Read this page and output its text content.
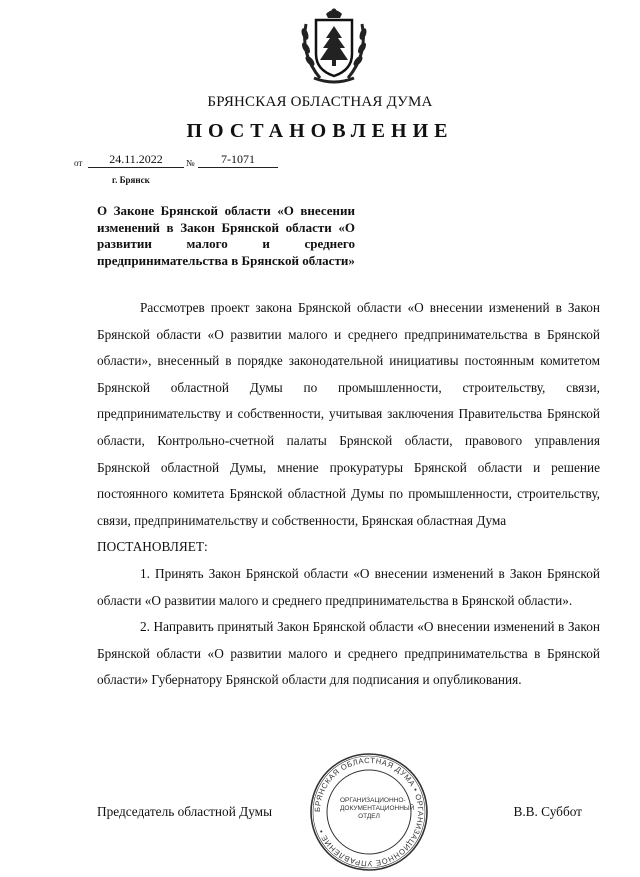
БРЯНСКАЯ ОБЛАСТНАЯ ДУМА
ПОСТАНОВЛЕНИЕ
от	24.11.2022	№	7-1071
г. Брянск
О Законе Брянской области «О внесении изменений в Закон Брянской области «О развитии малого и среднего предпринимательства в Брянской области»

Рассмотрев проект закона Брянской области «О внесении изменений в Закон Брянской области «О развитии малого и среднего предпринимательства в Брянской области», внесенный в порядке законодательной инициативы постоянным комитетом Брянской областной Думы по промышленности, строительству, связи, предпринимательству и собственности, учитывая заключения Правительства Брянской области, Контрольно-счетной палаты Брянской области, правового управления Брянской областной Думы, мнение прокуратуры Брянской области и решение постоянного комитета Брянской областной Думы по промышленности, строительству, связи, предпринимательству и собственности, Брянская областная Дума

ПОСТАНОВЛЯЕТ:

1. Принять Закон Брянской области «О внесении изменений в Закон Брянской области «О развитии малого и среднего предпринимательства в Брянской области».

2. Направить принятый Закон Брянской области «О внесении изменений в Закон Брянской области «О развитии малого и среднего предпринимательства в Брянской области» Губернатору Брянской области для подписания и опубликования.

БРЯНСКАЯ ОБЛАСТНАЯ ДУМА • ОРГАНИЗАЦИОННОЕ УПРАВЛЕНИЕ •
ОРГАНИЗАЦИОННО-ДОКУМЕНТАЦИОННЫЙ ОТДЕЛ
Председатель областной Думы	В.В. Суббот
